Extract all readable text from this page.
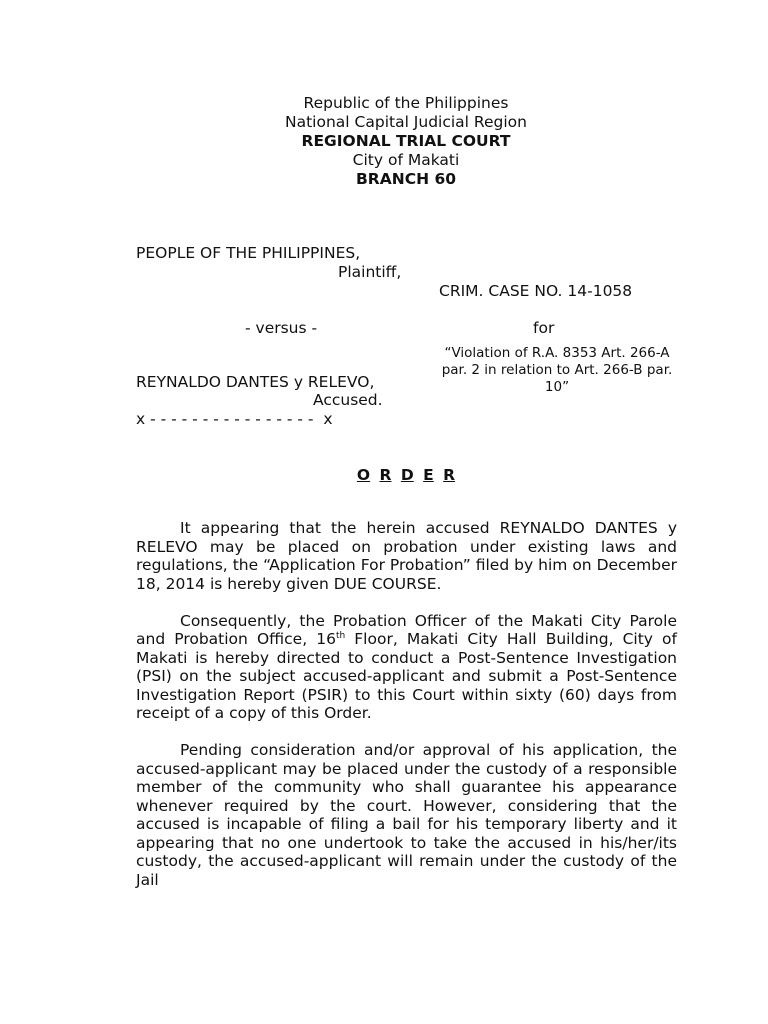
Republic of the Philippines
National Capital Judicial Region
REGIONAL TRIAL COURT
City of Makati
BRANCH 60
PEOPLE OF THE PHILIPPINES,
Plaintiff,
CRIM. CASE NO. 14-1058
- versus -	for
“Violation of R.A. 8353 Art. 266-A par. 2 in relation to Art. 266-B par. 10”
REYNALDO DANTES y RELEVO,
Accused.
x - - - - - - - - - - - - - - - -  x
O R D E R

It appearing that the herein accused REYNALDO DANTES y RELEVO may be placed on probation under existing laws and regulations, the “Application For Probation” filed by him on December 18, 2014 is hereby given DUE COURSE.

Consequently, the Probation Officer of the Makati City Parole and Probation Office, 16th Floor, Makati City Hall Building, City of Makati is hereby directed to conduct a Post-Sentence Investigation (PSI) on the subject accused-applicant and submit a Post-Sentence Investigation Report (PSIR) to this Court within sixty (60) days from receipt of a copy of this Order.

Pending consideration and/or approval of his application, the accused-applicant may be placed under the custody of a responsible member of the community who shall guarantee his appearance whenever required by the court. However, considering that the accused is incapable of filing a bail for his temporary liberty and it appearing that no one undertook to take the accused in his/her/its custody, the accused-applicant will remain under the custody of the Jail
